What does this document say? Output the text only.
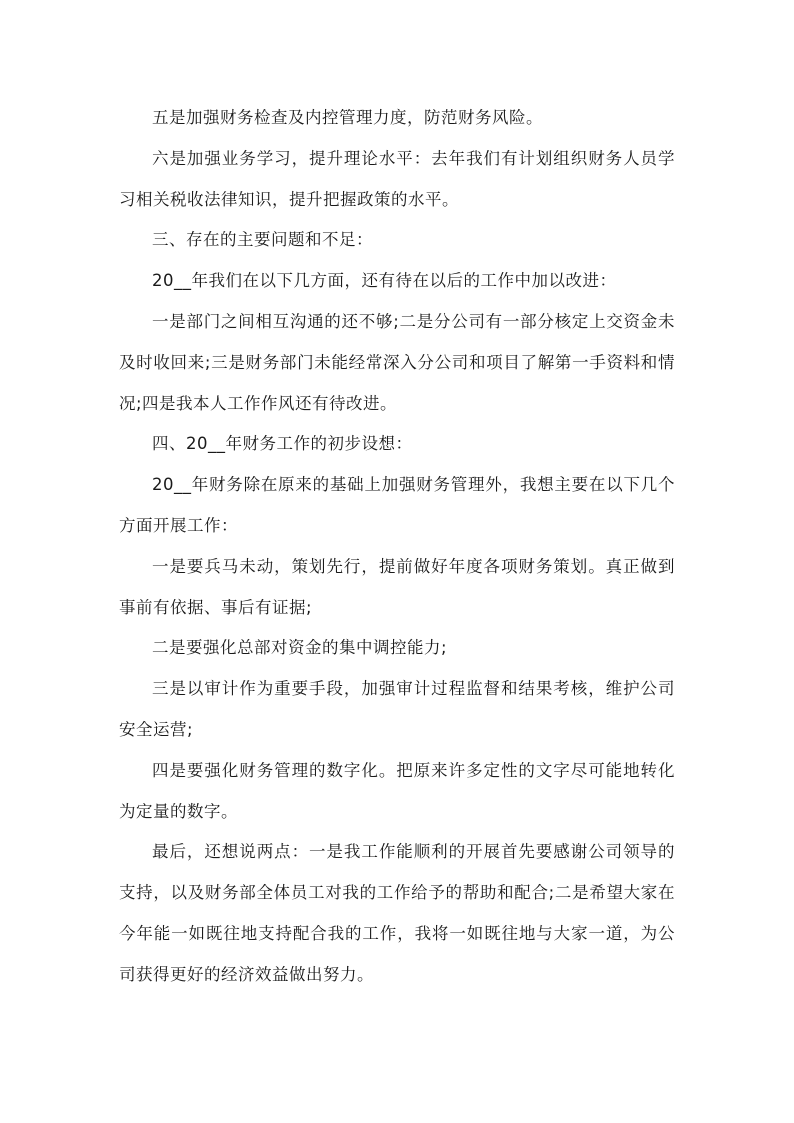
五是加强财务检查及内控管理力度，防范财务风险。

六是加强业务学习，提升理论水平：去年我们有计划组织财务人员学习相关税收法律知识，提升把握政策的水平。

三、存在的主要问题和不足：

20__年我们在以下几方面，还有待在以后的工作中加以改进：

一是部门之间相互沟通的还不够;二是分公司有一部分核定上交资金未及时收回来;三是财务部门未能经常深入分公司和项目了解第一手资料和情况;四是我本人工作作风还有待改进。

四、20__年财务工作的初步设想：

20__年财务除在原来的基础上加强财务管理外，我想主要在以下几个方面开展工作：

一是要兵马未动，策划先行，提前做好年度各项财务策划。真正做到事前有依据、事后有证据;

二是要强化总部对资金的集中调控能力;

三是以审计作为重要手段，加强审计过程监督和结果考核，维护公司安全运营;

四是要强化财务管理的数字化。把原来许多定性的文字尽可能地转化为定量的数字。

最后，还想说两点：一是我工作能顺利的开展首先要感谢公司领导的支持，以及财务部全体员工对我的工作给予的帮助和配合;二是希望大家在今年能一如既往地支持配合我的工作，我将一如既往地与大家一道，为公司获得更好的经济效益做出努力。
